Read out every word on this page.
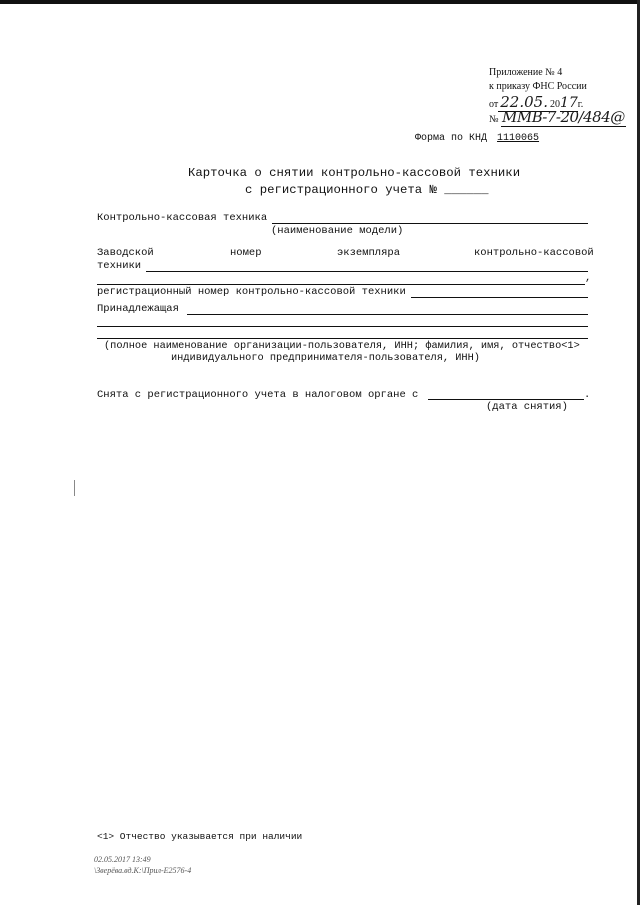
Приложение № 4
к приказу ФНС России
от 22.05. 2017г.
№ ММВ-7-20/484@
Форма по КНД 1110065
Карточка о снятии контрольно-кассовой техники
с регистрационного учета № ______
Контрольно-кассовая техника
(наименование модели)
Заводской	номер	экземпляра	контрольно-кассовой
техники
,
регистрационный номер контрольно-кассовой техники
Принадлежащая
(полное наименование организации-пользователя, ИНН; фамилия, имя, отчество<1>
индивидуального предпринимателя-пользователя, ИНН)
Снята с регистрационного учета в налоговом органе с	.
(дата снятия)
<1> Отчество указывается при наличии
02.05.2017 13:49
\Зверёва.вд.К:\Прил-Е2576-4
